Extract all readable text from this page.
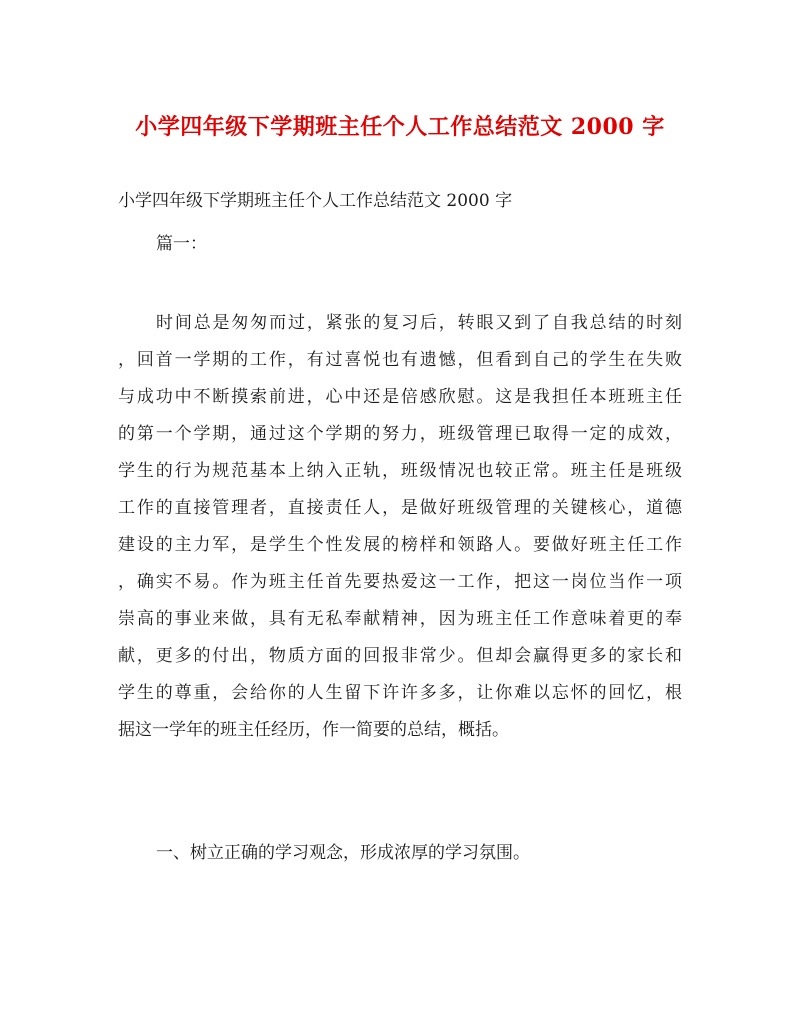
小学四年级下学期班主任个人工作总结范文 2000 字
小学四年级下学期班主任个人工作总结范文 2000 字
篇一：
时间总是匆匆而过，紧张的复习后，转眼又到了自我总结的时刻
，回首一学期的工作，有过喜悦也有遗憾，但看到自己的学生在失败
与成功中不断摸索前进，心中还是倍感欣慰。这是我担任本班班主任
的第一个学期，通过这个学期的努力，班级管理已取得一定的成效，
学生的行为规范基本上纳入正轨，班级情况也较正常。班主任是班级
工作的直接管理者，直接责任人，是做好班级管理的关键核心，道德
建设的主力军，是学生个性发展的榜样和领路人。要做好班主任工作
，确实不易。作为班主任首先要热爱这一工作，把这一岗位当作一项
崇高的事业来做，具有无私奉献精神，因为班主任工作意味着更的奉
献，更多的付出，物质方面的回报非常少。但却会赢得更多的家长和
学生的尊重，会给你的人生留下许许多多，让你难以忘怀的回忆，根
据这一学年的班主任经历，作一简要的总结，概括。
一、树立正确的学习观念，形成浓厚的学习氛围。
